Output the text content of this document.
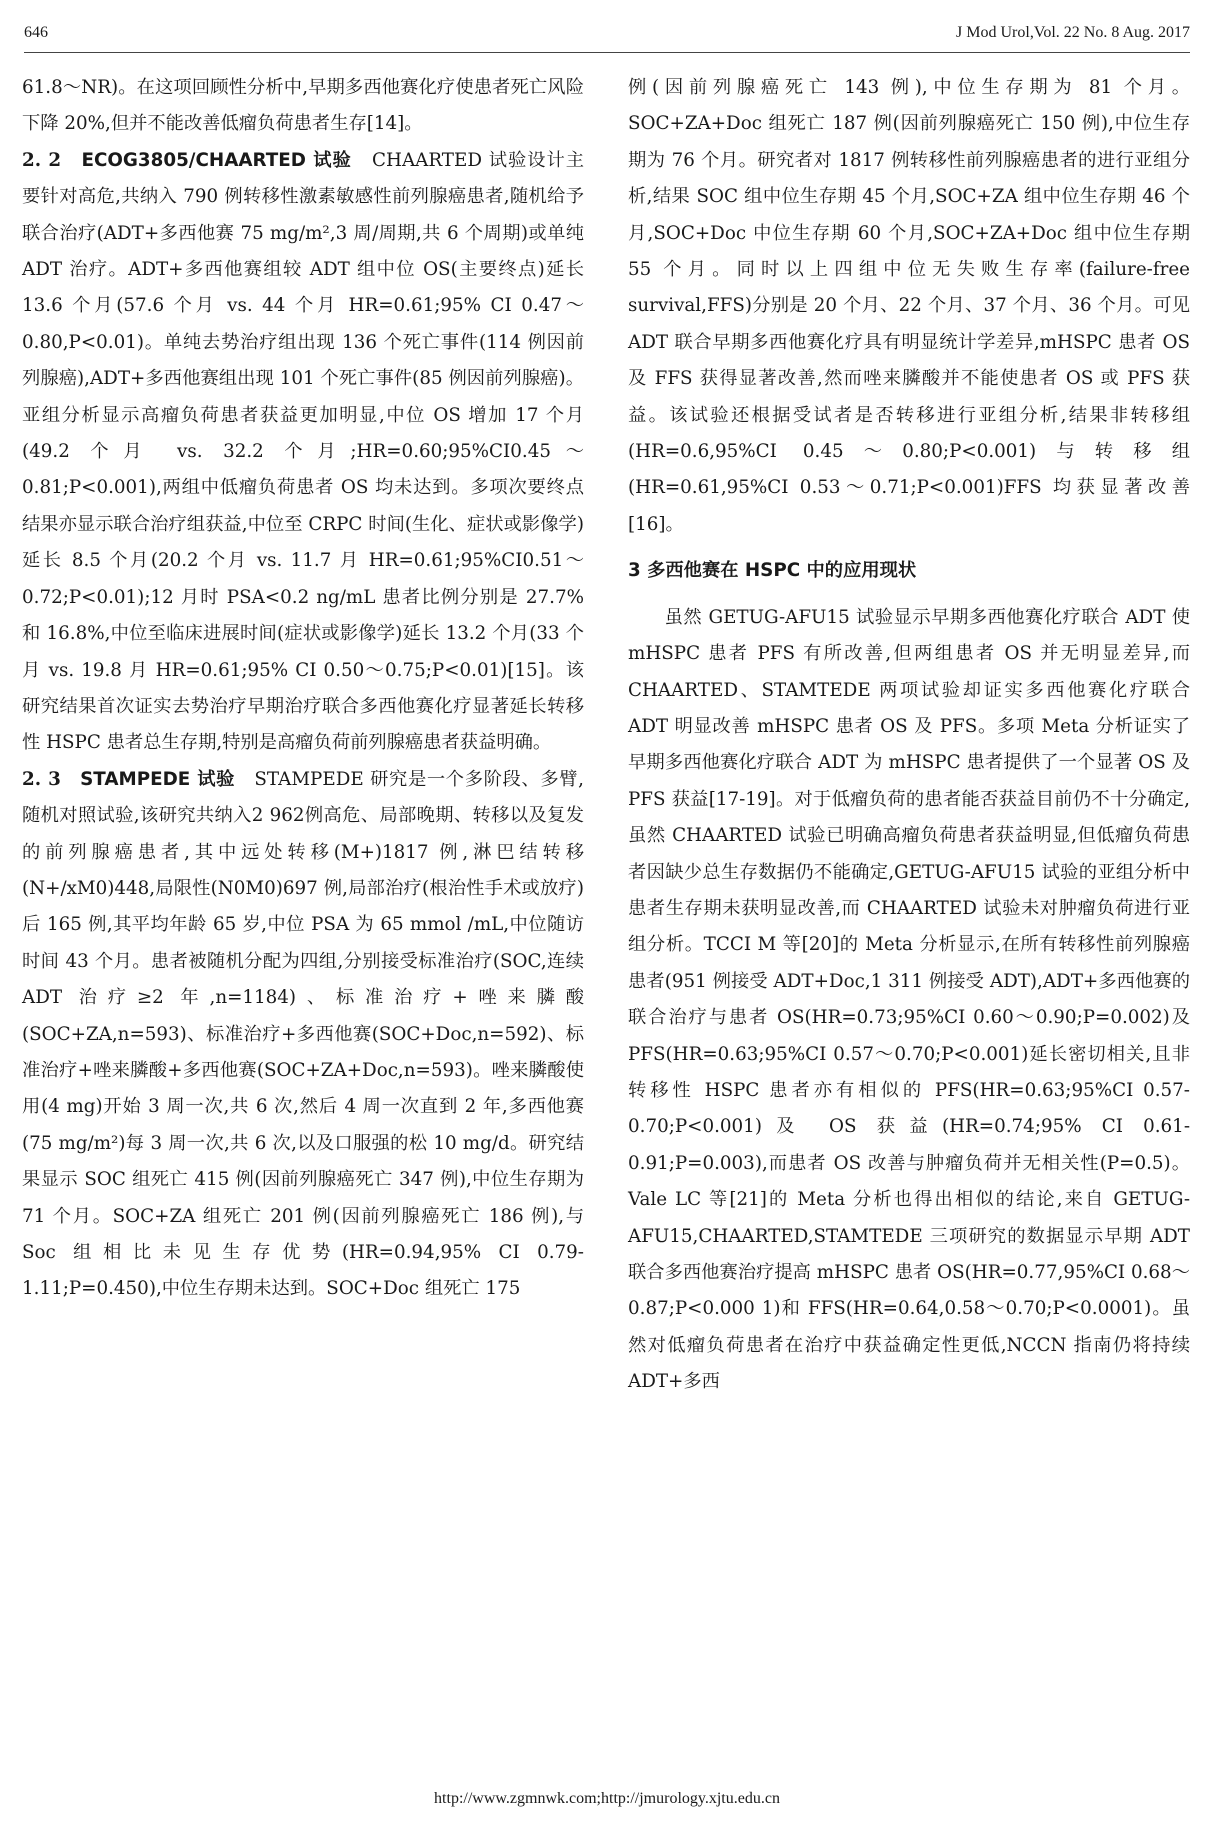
646	J Mod Urol,Vol. 22 No. 8 Aug. 2017

61.8～NR)。在这项回顾性分析中,早期多西他赛化疗使患者死亡风险下降 20%,但并不能改善低瘤负荷患者生存[14]。

2. 2 ECOG3805/CHAARTED 试验 CHAARTED 试验设计主要针对高危,共纳入 790 例转移性激素敏感性前列腺癌患者,随机给予联合治疗(ADT+多西他赛 75 mg/m²,3 周/周期,共 6 个周期)或单纯 ADT 治疗。ADT+多西他赛组较 ADT 组中位 OS(主要终点)延长 13.6 个月(57.6 个月 vs. 44 个月 HR=0.61;95% CI 0.47～0.80,P<0.01)。单纯去势治疗组出现 136 个死亡事件(114 例因前列腺癌),ADT+多西他赛组出现 101 个死亡事件(85 例因前列腺癌)。亚组分析显示高瘤负荷患者获益更加明显,中位 OS 增加 17 个月(49.2 个月 vs. 32.2 个月;HR=0.60;95%CI0.45～0.81;P<0.001),两组中低瘤负荷患者 OS 均未达到。多项次要终点结果亦显示联合治疗组获益,中位至 CRPC 时间(生化、症状或影像学)延长 8.5 个月(20.2 个月 vs. 11.7 月 HR=0.61;95%CI0.51～0.72;P<0.01);12 月时 PSA<0.2 ng/mL 患者比例分别是 27.7%和 16.8%,中位至临床进展时间(症状或影像学)延长 13.2 个月(33 个月 vs. 19.8 月 HR=0.61;95% CI 0.50～0.75;P<0.01)[15]。该研究结果首次证实去势治疗早期治疗联合多西他赛化疗显著延长转移性 HSPC 患者总生存期,特别是高瘤负荷前列腺癌患者获益明确。

2. 3 STAMPEDE 试验 STAMPEDE 研究是一个多阶段、多臂,随机对照试验,该研究共纳入2 962例高危、局部晚期、转移以及复发的前列腺癌患者,其中远处转移(M+)1817 例,淋巴结转移(N+/xM0)448,局限性(N0M0)697 例,局部治疗(根治性手术或放疗)后 165 例,其平均年龄 65 岁,中位 PSA 为 65 mmol /mL,中位随访时间 43 个月。患者被随机分配为四组,分别接受标准治疗(SOC,连续 ADT 治疗≥2 年,n=1184)、标准治疗+唑来膦酸(SOC+ZA,n=593)、标准治疗+多西他赛(SOC+Doc,n=592)、标准治疗+唑来膦酸+多西他赛(SOC+ZA+Doc,n=593)。唑来膦酸使用(4 mg)开始 3 周一次,共 6 次,然后 4 周一次直到 2 年,多西他赛(75 mg/m²)每 3 周一次,共 6 次,以及口服强的松 10 mg/d。研究结果显示 SOC 组死亡 415 例(因前列腺癌死亡 347 例),中位生存期为 71 个月。SOC+ZA 组死亡 201 例(因前列腺癌死亡 186 例),与 Soc 组相比未见生存优势(HR=0.94,95% CI 0.79-1.11;P=0.450),中位生存期未达到。SOC+Doc 组死亡 175

例(因前列腺癌死亡 143 例),中位生存期为 81 个月。SOC+ZA+Doc 组死亡 187 例(因前列腺癌死亡 150 例),中位生存期为 76 个月。研究者对 1817 例转移性前列腺癌患者的进行亚组分析,结果 SOC 组中位生存期 45 个月,SOC+ZA 组中位生存期 46 个月,SOC+Doc 中位生存期 60 个月,SOC+ZA+Doc 组中位生存期 55 个月。同时以上四组中位无失败生存率(failure-free survival,FFS)分别是 20 个月、22 个月、37 个月、36 个月。可见 ADT 联合早期多西他赛化疗具有明显统计学差异,mHSPC 患者 OS 及 FFS 获得显著改善,然而唑来膦酸并不能使患者 OS 或 PFS 获益。该试验还根据受试者是否转移进行亚组分析,结果非转移组(HR=0.6,95%CI 0.45～0.80;P<0.001)与转移组(HR=0.61,95%CI 0.53～0.71;P<0.001)FFS 均获显著改善[16]。

3 多西他赛在 HSPC 中的应用现状

虽然 GETUG-AFU15 试验显示早期多西他赛化疗联合 ADT 使 mHSPC 患者 PFS 有所改善,但两组患者 OS 并无明显差异,而 CHAARTED、STAMTEDE 两项试验却证实多西他赛化疗联合 ADT 明显改善 mHSPC 患者 OS 及 PFS。多项 Meta 分析证实了早期多西他赛化疗联合 ADT 为 mHSPC 患者提供了一个显著 OS 及 PFS 获益[17-19]。对于低瘤负荷的患者能否获益目前仍不十分确定,虽然 CHAARTED 试验已明确高瘤负荷患者获益明显,但低瘤负荷患者因缺少总生存数据仍不能确定,GETUG-AFU15 试验的亚组分析中患者生存期未获明显改善,而 CHAARTED 试验未对肿瘤负荷进行亚组分析。TCCI M 等[20]的 Meta 分析显示,在所有转移性前列腺癌患者(951 例接受 ADT+Doc,1 311 例接受 ADT),ADT+多西他赛的联合治疗与患者 OS(HR=0.73;95%CI 0.60～0.90;P=0.002)及 PFS(HR=0.63;95%CI 0.57～0.70;P<0.001)延长密切相关,且非转移性 HSPC 患者亦有相似的 PFS(HR=0.63;95%CI 0.57-0.70;P<0.001)及 OS 获益(HR=0.74;95% CI 0.61-0.91;P=0.003),而患者 OS 改善与肿瘤负荷并无相关性(P=0.5)。Vale LC 等[21]的 Meta 分析也得出相似的结论,来自 GETUG-AFU15,CHAARTED,STAMTEDE 三项研究的数据显示早期 ADT 联合多西他赛治疗提高 mHSPC 患者 OS(HR=0.77,95%CI 0.68～0.87;P<0.000 1)和 FFS(HR=0.64,0.58～0.70;P<0.0001)。虽然对低瘤负荷患者在治疗中获益确定性更低,NCCN 指南仍将持续 ADT+多西

http://www.zgmnwk.com;http://jmurology.xjtu.edu.cn
